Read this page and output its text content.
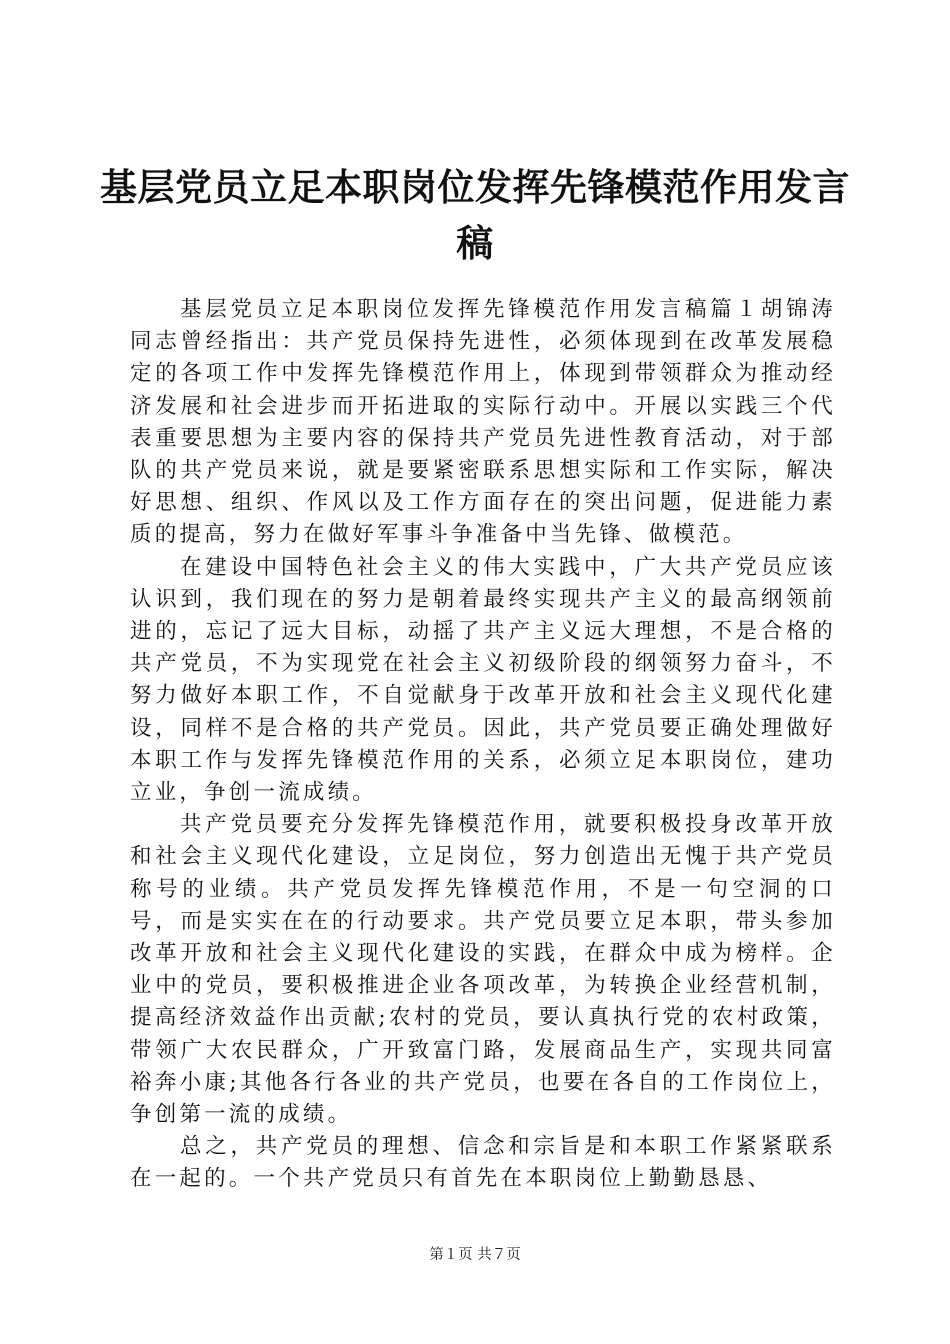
基层党员立足本职岗位发挥先锋模范作用发言稿

基层党员立足本职岗位发挥先锋模范作用发言稿篇１胡锦涛同志曾经指出：共产党员保持先进性，必须体现到在改革发展稳定的各项工作中发挥先锋模范作用上，体现到带领群众为推动经济发展和社会进步而开拓进取的实际行动中。开展以实践三个代表重要思想为主要内容的保持共产党员先进性教育活动，对于部队的共产党员来说，就是要紧密联系思想实际和工作实际，解决好思想、组织、作风以及工作方面存在的突出问题，促进能力素质的提高，努力在做好军事斗争准备中当先锋、做模范。

在建设中国特色社会主义的伟大实践中，广大共产党员应该认识到，我们现在的努力是朝着最终实现共产主义的最高纲领前进的，忘记了远大目标，动摇了共产主义远大理想，不是合格的共产党员，不为实现党在社会主义初级阶段的纲领努力奋斗，不努力做好本职工作，不自觉献身于改革开放和社会主义现代化建设，同样不是合格的共产党员。因此，共产党员要正确处理做好本职工作与发挥先锋模范作用的关系，必须立足本职岗位，建功立业，争创一流成绩。

共产党员要充分发挥先锋模范作用，就要积极投身改革开放和社会主义现代化建设，立足岗位，努力创造出无愧于共产党员称号的业绩。共产党员发挥先锋模范作用，不是一句空洞的口号，而是实实在在的行动要求。共产党员要立足本职，带头参加改革开放和社会主义现代化建设的实践，在群众中成为榜样。企业中的党员，要积极推进企业各项改革，为转换企业经营机制，提高经济效益作出贡献;农村的党员，要认真执行党的农村政策，带领广大农民群众，广开致富门路，发展商品生产，实现共同富裕奔小康;其他各行各业的共产党员，也要在各自的工作岗位上，争创第一流的成绩。

总之，共产党员的理想、信念和宗旨是和本职工作紧紧联系在一起的。一个共产党员只有首先在本职岗位上勤勤恳恳、

第１页 共７页
